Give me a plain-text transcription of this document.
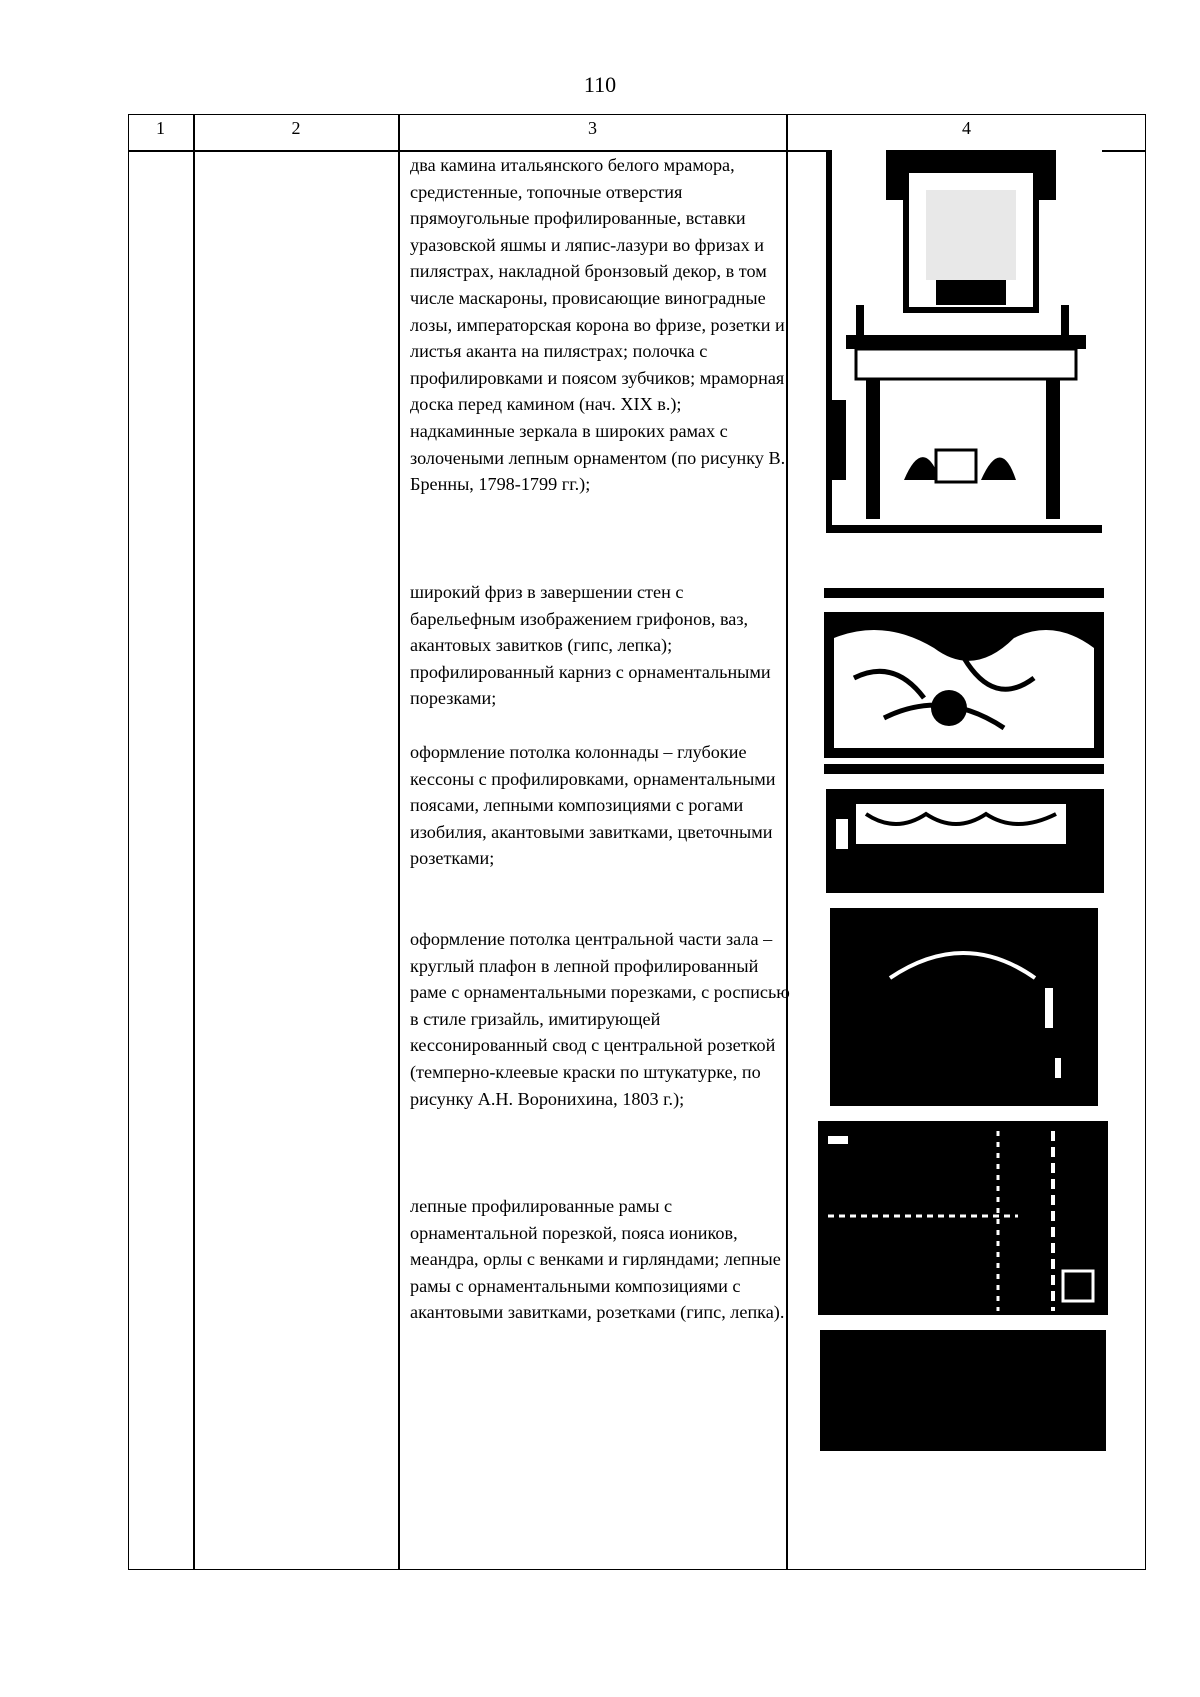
110
1	2	3	4

два камина итальянского белого мрамора, средистенные, топочные отверстия прямоугольные профилированные, вставки уразовской яшмы и ляпис-лазури во фризах и пилястрах, накладной бронзовый декор, в том числе маскароны, провисающие виноградные лозы, императорская корона во фризе, розетки и листья аканта на пилястрах; полочка с профилировками и поясом зубчиков; мраморная доска перед камином (нач. XIX в.);
надкаминные зеркала в широких рамах с золочеными лепным орнаментом (по рисунку В. Бренны, 1798-1799 гг.);

широкий фриз в завершении стен с барельефным изображением грифонов, ваз, акантовых завитков (гипс, лепка); профилированный карниз с орнаментальными порезками;

оформление потолка колоннады – глубокие кессоны с профилировками, орнаментальными поясами, лепными композициями с рогами изобилия, акантовыми завитками, цветочными розетками;

оформление потолка центральной части зала – круглый плафон в лепной профилированный раме с орнаментальными порезками, с росписью в стиле гризайль, имитирующей кессонированный свод с центральной розеткой (темперно-клеевые краски по штукатурке, по рисунку А.Н. Воронихина, 1803 г.);

лепные профилированные рамы с орнаментальной порезкой, пояса иоников, меандра, орлы с венками и гирляндами; лепные рамы с орнаментальными композициями с акантовыми завитками, розетками (гипс, лепка).
